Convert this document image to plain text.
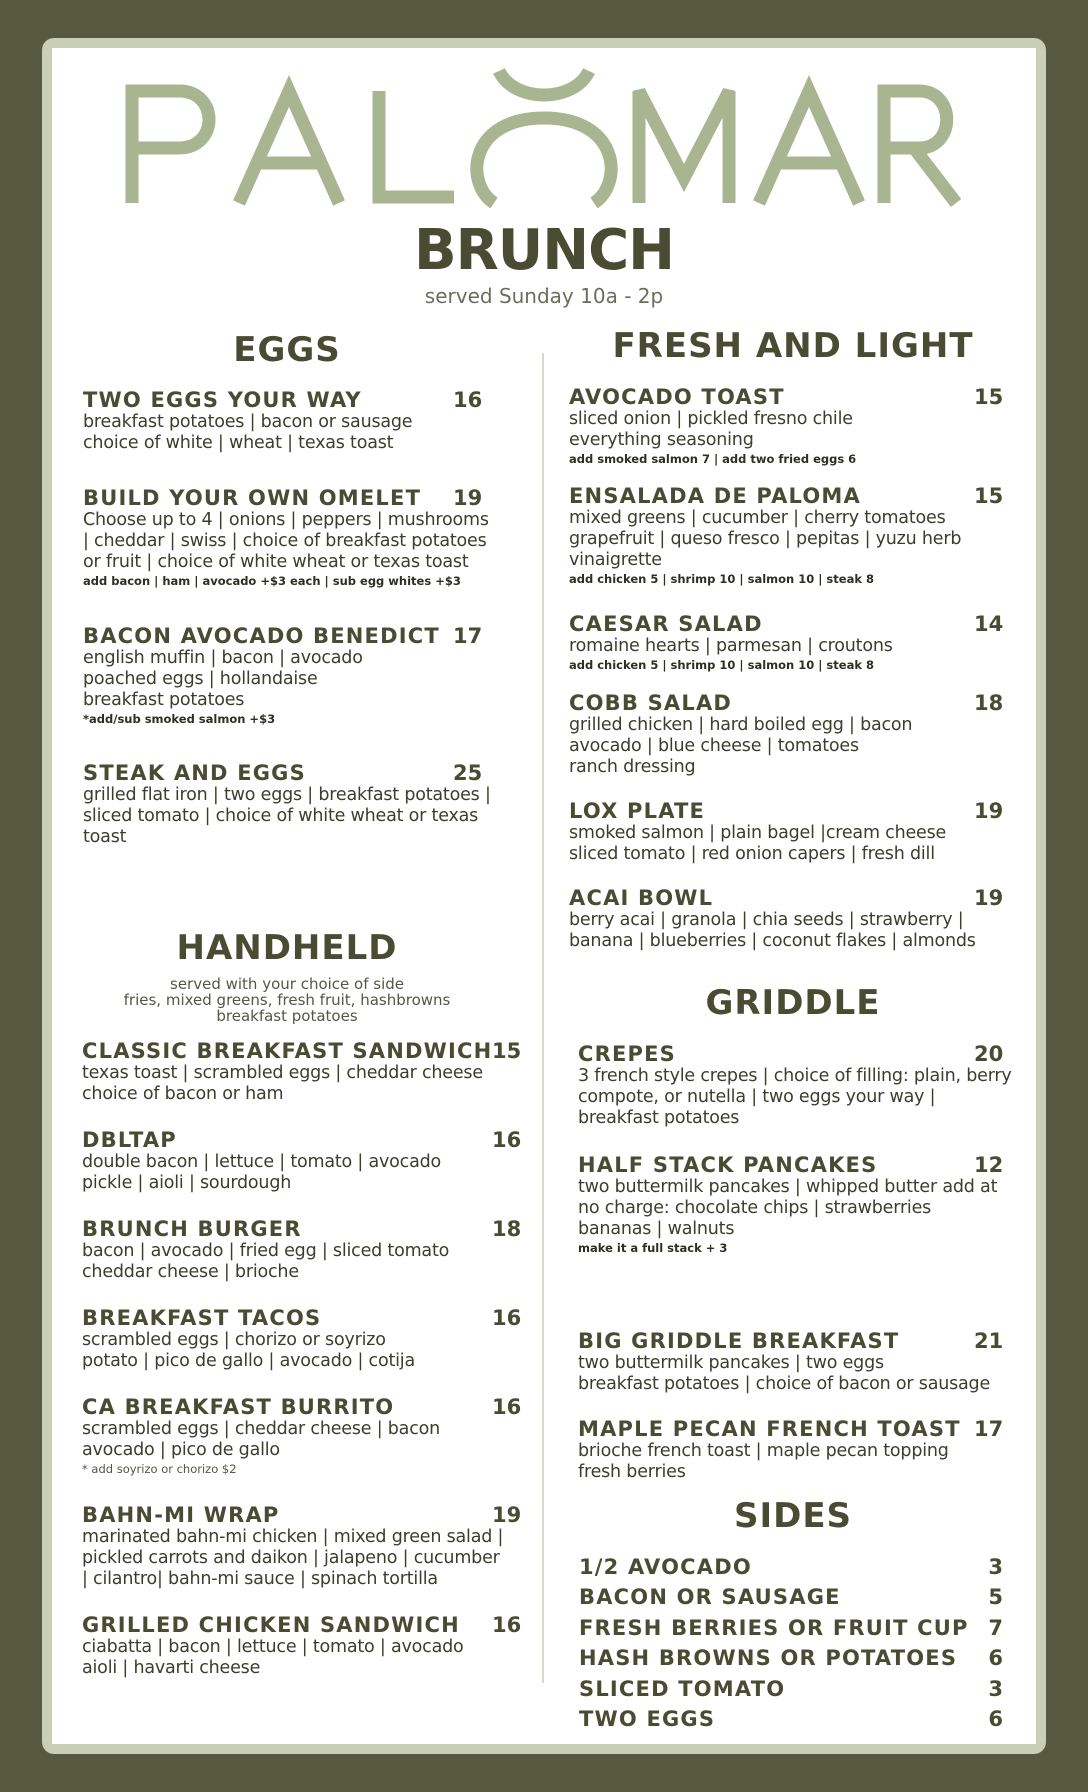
BRUNCH
served Sunday 10a - 2p
EGGS
TWO EGGS YOUR WAY	16
breakfast potatoes | bacon or sausage
choice of white | wheat | texas toast
BUILD YOUR OWN OMELET	19
Choose up to 4 | onions | peppers | mushrooms
| cheddar | swiss | choice of breakfast potatoes
or fruit | choice of white wheat or texas toast
add bacon | ham | avocado +$3 each | sub egg whites +$3
BACON AVOCADO BENEDICT 17
english muffin | bacon | avocado
poached eggs | hollandaise
breakfast potatoes
*add/sub smoked salmon +$3
STEAK AND EGGS	25
grilled flat iron | two eggs | breakfast potatoes |
sliced tomato | choice of white wheat or texas
toast
HANDHELD
served with your choice of side
fries, mixed greens, fresh fruit, hashbrowns
breakfast potatoes
CLASSIC BREAKFAST SANDWICH 15
texas toast | scrambled eggs | cheddar cheese
choice of bacon or ham
DBLTAP	16
double bacon | lettuce | tomato | avocado
pickle | aioli | sourdough
BRUNCH BURGER	18
bacon | avocado | fried egg | sliced tomato
cheddar cheese | brioche
BREAKFAST TACOS	16
scrambled eggs | chorizo or soyrizo
potato | pico de gallo | avocado | cotija
CA BREAKFAST BURRITO	16
scrambled eggs | cheddar cheese | bacon
avocado | pico de gallo
* add soyrizo or chorizo $2
BAHN-MI WRAP	19
marinated bahn-mi chicken | mixed green salad |
pickled carrots and daikon | jalapeno | cucumber
| cilantro| bahn-mi sauce | spinach tortilla
GRILLED CHICKEN SANDWICH	16
ciabatta | bacon | lettuce | tomato | avocado
aioli | havarti cheese
FRESH AND LIGHT
AVOCADO TOAST	15
sliced onion | pickled fresno chile
everything seasoning
add smoked salmon 7 | add two fried eggs 6
ENSALADA DE PALOMA	15
mixed greens | cucumber | cherry tomatoes
grapefruit | queso fresco | pepitas | yuzu herb
vinaigrette
add chicken 5 | shrimp 10 | salmon 10 | steak 8
CAESAR SALAD	14
romaine hearts | parmesan | croutons
add chicken 5 | shrimp 10 | salmon 10 | steak 8
COBB SALAD	18
grilled chicken | hard boiled egg | bacon
avocado | blue cheese | tomatoes
ranch dressing
LOX PLATE	19
smoked salmon | plain bagel |cream cheese
sliced tomato | red onion capers | fresh dill
ACAI BOWL	19
berry acai | granola | chia seeds | strawberry |
banana | blueberries | coconut flakes | almonds
GRIDDLE
CREPES	20
3 french style crepes | choice of filling: plain, berry
compote, or nutella | two eggs your way |
breakfast potatoes
HALF STACK PANCAKES	12
two buttermilk pancakes | whipped butter add at
no charge: chocolate chips | strawberries
bananas | walnuts
make it a full stack + 3
BIG GRIDDLE BREAKFAST	21
two buttermilk pancakes | two eggs
breakfast potatoes | choice of bacon or sausage
MAPLE PECAN FRENCH TOAST 17
brioche french toast | maple pecan topping
fresh berries
SIDES
1/2 AVOCADO	3
BACON OR SAUSAGE	5
FRESH BERRIES OR FRUIT CUP 7
HASH BROWNS OR POTATOES 6
SLICED TOMATO	3
TWO EGGS	6
